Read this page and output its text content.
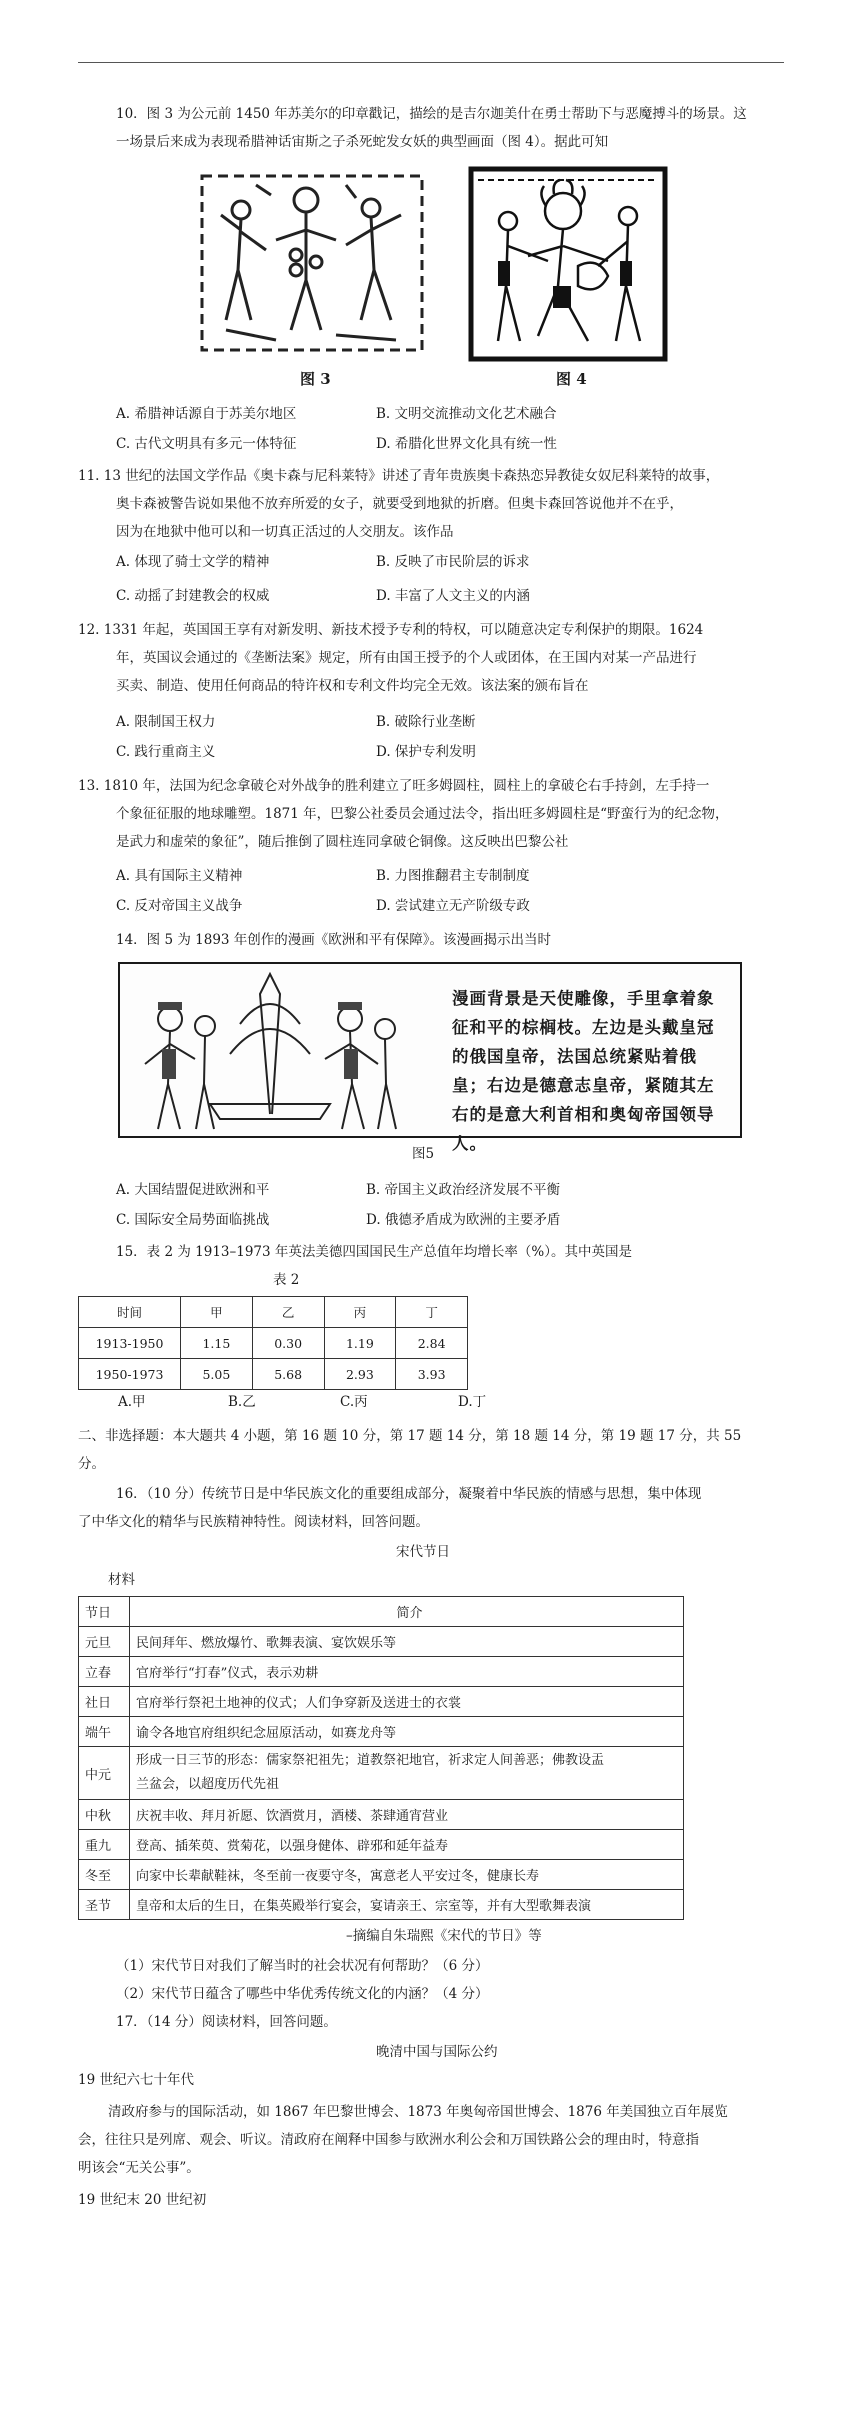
10．图 3 为公元前 1450 年苏美尔的印章戳记，描绘的是吉尔迦美什在勇士帮助下与恶魔搏斗的场景。这
一场景后来成为表现希腊神话宙斯之子杀死蛇发女妖的典型画面（图 4）。据此可知
图 3	图 4
A. 希腊神话源自于苏美尔地区	B. 文明交流推动文化艺术融合
C. 古代文明具有多元一体特征	D. 希腊化世界文化具有统一性
11. 13 世纪的法国文学作品《奥卡森与尼科莱特》讲述了青年贵族奥卡森热恋异教徒女奴尼科莱特的故事，
奥卡森被警告说如果他不放弃所爱的女子，就要受到地狱的折磨。但奥卡森回答说他并不在乎，
因为在地狱中他可以和一切真正活过的人交朋友。该作品
A. 体现了骑士文学的精神	B. 反映了市民阶层的诉求
C. 动摇了封建教会的权威	D. 丰富了人文主义的内涵
12. 1331 年起，英国国王享有对新发明、新技术授予专利的特权，可以随意决定专利保护的期限。1624
年，英国议会通过的《垄断法案》规定，所有由国王授予的个人或团体，在王国内对某一产品进行
买卖、制造、使用任何商品的特许权和专利文件均完全无效。该法案的颁布旨在
A. 限制国王权力	B. 破除行业垄断
C. 践行重商主义	D. 保护专利发明
13. 1810 年，法国为纪念拿破仑对外战争的胜利建立了旺多姆圆柱，圆柱上的拿破仑右手持剑，左手持一
个象征征服的地球雕塑。1871 年，巴黎公社委员会通过法令，指出旺多姆圆柱是“野蛮行为的纪念物，
是武力和虚荣的象征”，随后推倒了圆柱连同拿破仑铜像。这反映出巴黎公社
A. 具有国际主义精神	B. 力图推翻君主专制制度
C. 反对帝国主义战争	D. 尝试建立无产阶级专政
14．图 5 为 1893 年创作的漫画《欧洲和平有保障》。该漫画揭示出当时
漫画背景是天使雕像，手里拿着象征和平的棕榈枝。左边是头戴皇冠的俄国皇帝，法国总统紧贴着俄皇；右边是德意志皇帝，紧随其左右的是意大利首相和奥匈帝国领导人。
图5
A. 大国结盟促进欧洲和平	B. 帝国主义政治经济发展不平衡
C. 国际安全局势面临挑战	D. 俄德矛盾成为欧洲的主要矛盾
15．表 2 为 1913–1973 年英法美德四国国民生产总值年均增长率（%）。其中英国是
表 2
时间	甲	乙	丙	丁
1913-1950	1.15	0.30	1.19	2.84
1950-1973	5.05	5.68	2.93	3.93
A.甲	B.乙	C.丙	D.丁
二、非选择题：本大题共 4 小题，第 16 题 10 分，第 17 题 14 分，第 18 题 14 分，第 19 题 17 分，共 55
分。
16．（10 分）传统节日是中华民族文化的重要组成部分，凝聚着中华民族的情感与思想，集中体现
了中华文化的精华与民族精神特性。阅读材料，回答问题。
宋代节日
材料
节日	简介
元旦	民间拜年、燃放爆竹、歌舞表演、宴饮娱乐等
立春	官府举行“打春”仪式，表示劝耕
社日	官府举行祭祀土地神的仪式；人们争穿新及送进士的衣裳
端午	谕令各地官府组织纪念屈原活动，如赛龙舟等
中元	形成一日三节的形态：儒家祭祀祖先；道教祭祀地官，祈求定人间善恶；佛教设盂
兰盆会，以超度历代先祖

中秋	庆祝丰收、拜月祈愿、饮酒赏月，酒楼、茶肆通宵营业
重九	登高、插茱萸、赏菊花，以强身健体、辟邪和延年益寿
冬至	向家中长辈献鞋袜，冬至前一夜要守冬，寓意老人平安过冬，健康长寿
圣节	皇帝和太后的生日，在集英殿举行宴会，宴请亲王、宗室等，并有大型歌舞表演
–摘编自朱瑞熙《宋代的节日》等
（1）宋代节日对我们了解当时的社会状况有何帮助？（6 分）
（2）宋代节日蕴含了哪些中华优秀传统文化的内涵？（4 分）
17．（14 分）阅读材料，回答问题。
晚清中国与国际公约
19 世纪六七十年代
清政府参与的国际活动，如 1867 年巴黎世博会、1873 年奥匈帝国世博会、1876 年美国独立百年展览
会，往往只是列席、观会、听议。清政府在阐释中国参与欧洲水利公会和万国铁路公会的理由时，特意指
明该会“无关公事”。
19 世纪末 20 世纪初
